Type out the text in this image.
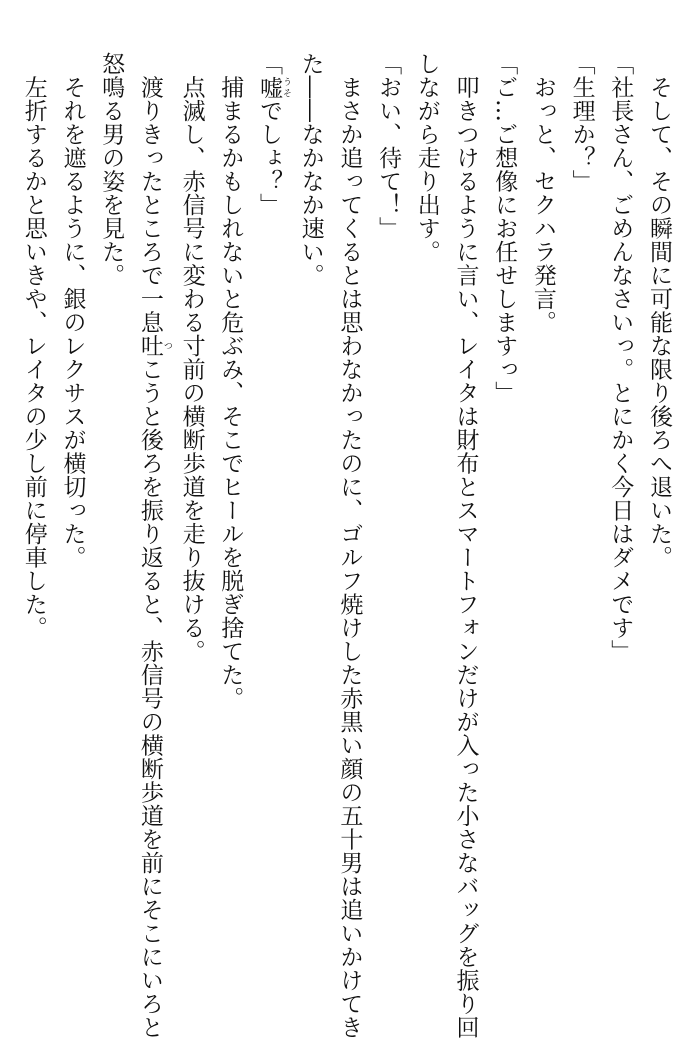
　そして、その瞬間に可能な限り後ろへ退いた。
「社長さん、ごめんなさいっ。とにかく今日はダメです」
「生理か？」
　おっと、セクハラ発言。
「ご…ご想像にお任せしますっ」
　叩きつけるように言い、レイタは財布とスマートフォンだけが入った小さなバッグを振り回
しながら走り出す。
「おい、待て！」
　まさか追ってくるとは思わなかったのに、ゴルフ焼けした赤黒い顔の五十男は追いかけてき
た――なかなか速い。
「嘘 うそでしょ？」
　捕まるかもしれないと危ぶみ、そこでヒールを脱ぎ捨てた。
　点滅し、赤信号に変わる寸前の横断歩道を走り抜ける。
　渡りきったところで一息吐 つこうと後ろを振り返ると、赤信号の横断歩道を前にそこにいろと
怒鳴る男の姿を見た。
　それを遮るように、銀のレクサスが横切った。
　左折するかと思いきや、レイタの少し前に停車した。
